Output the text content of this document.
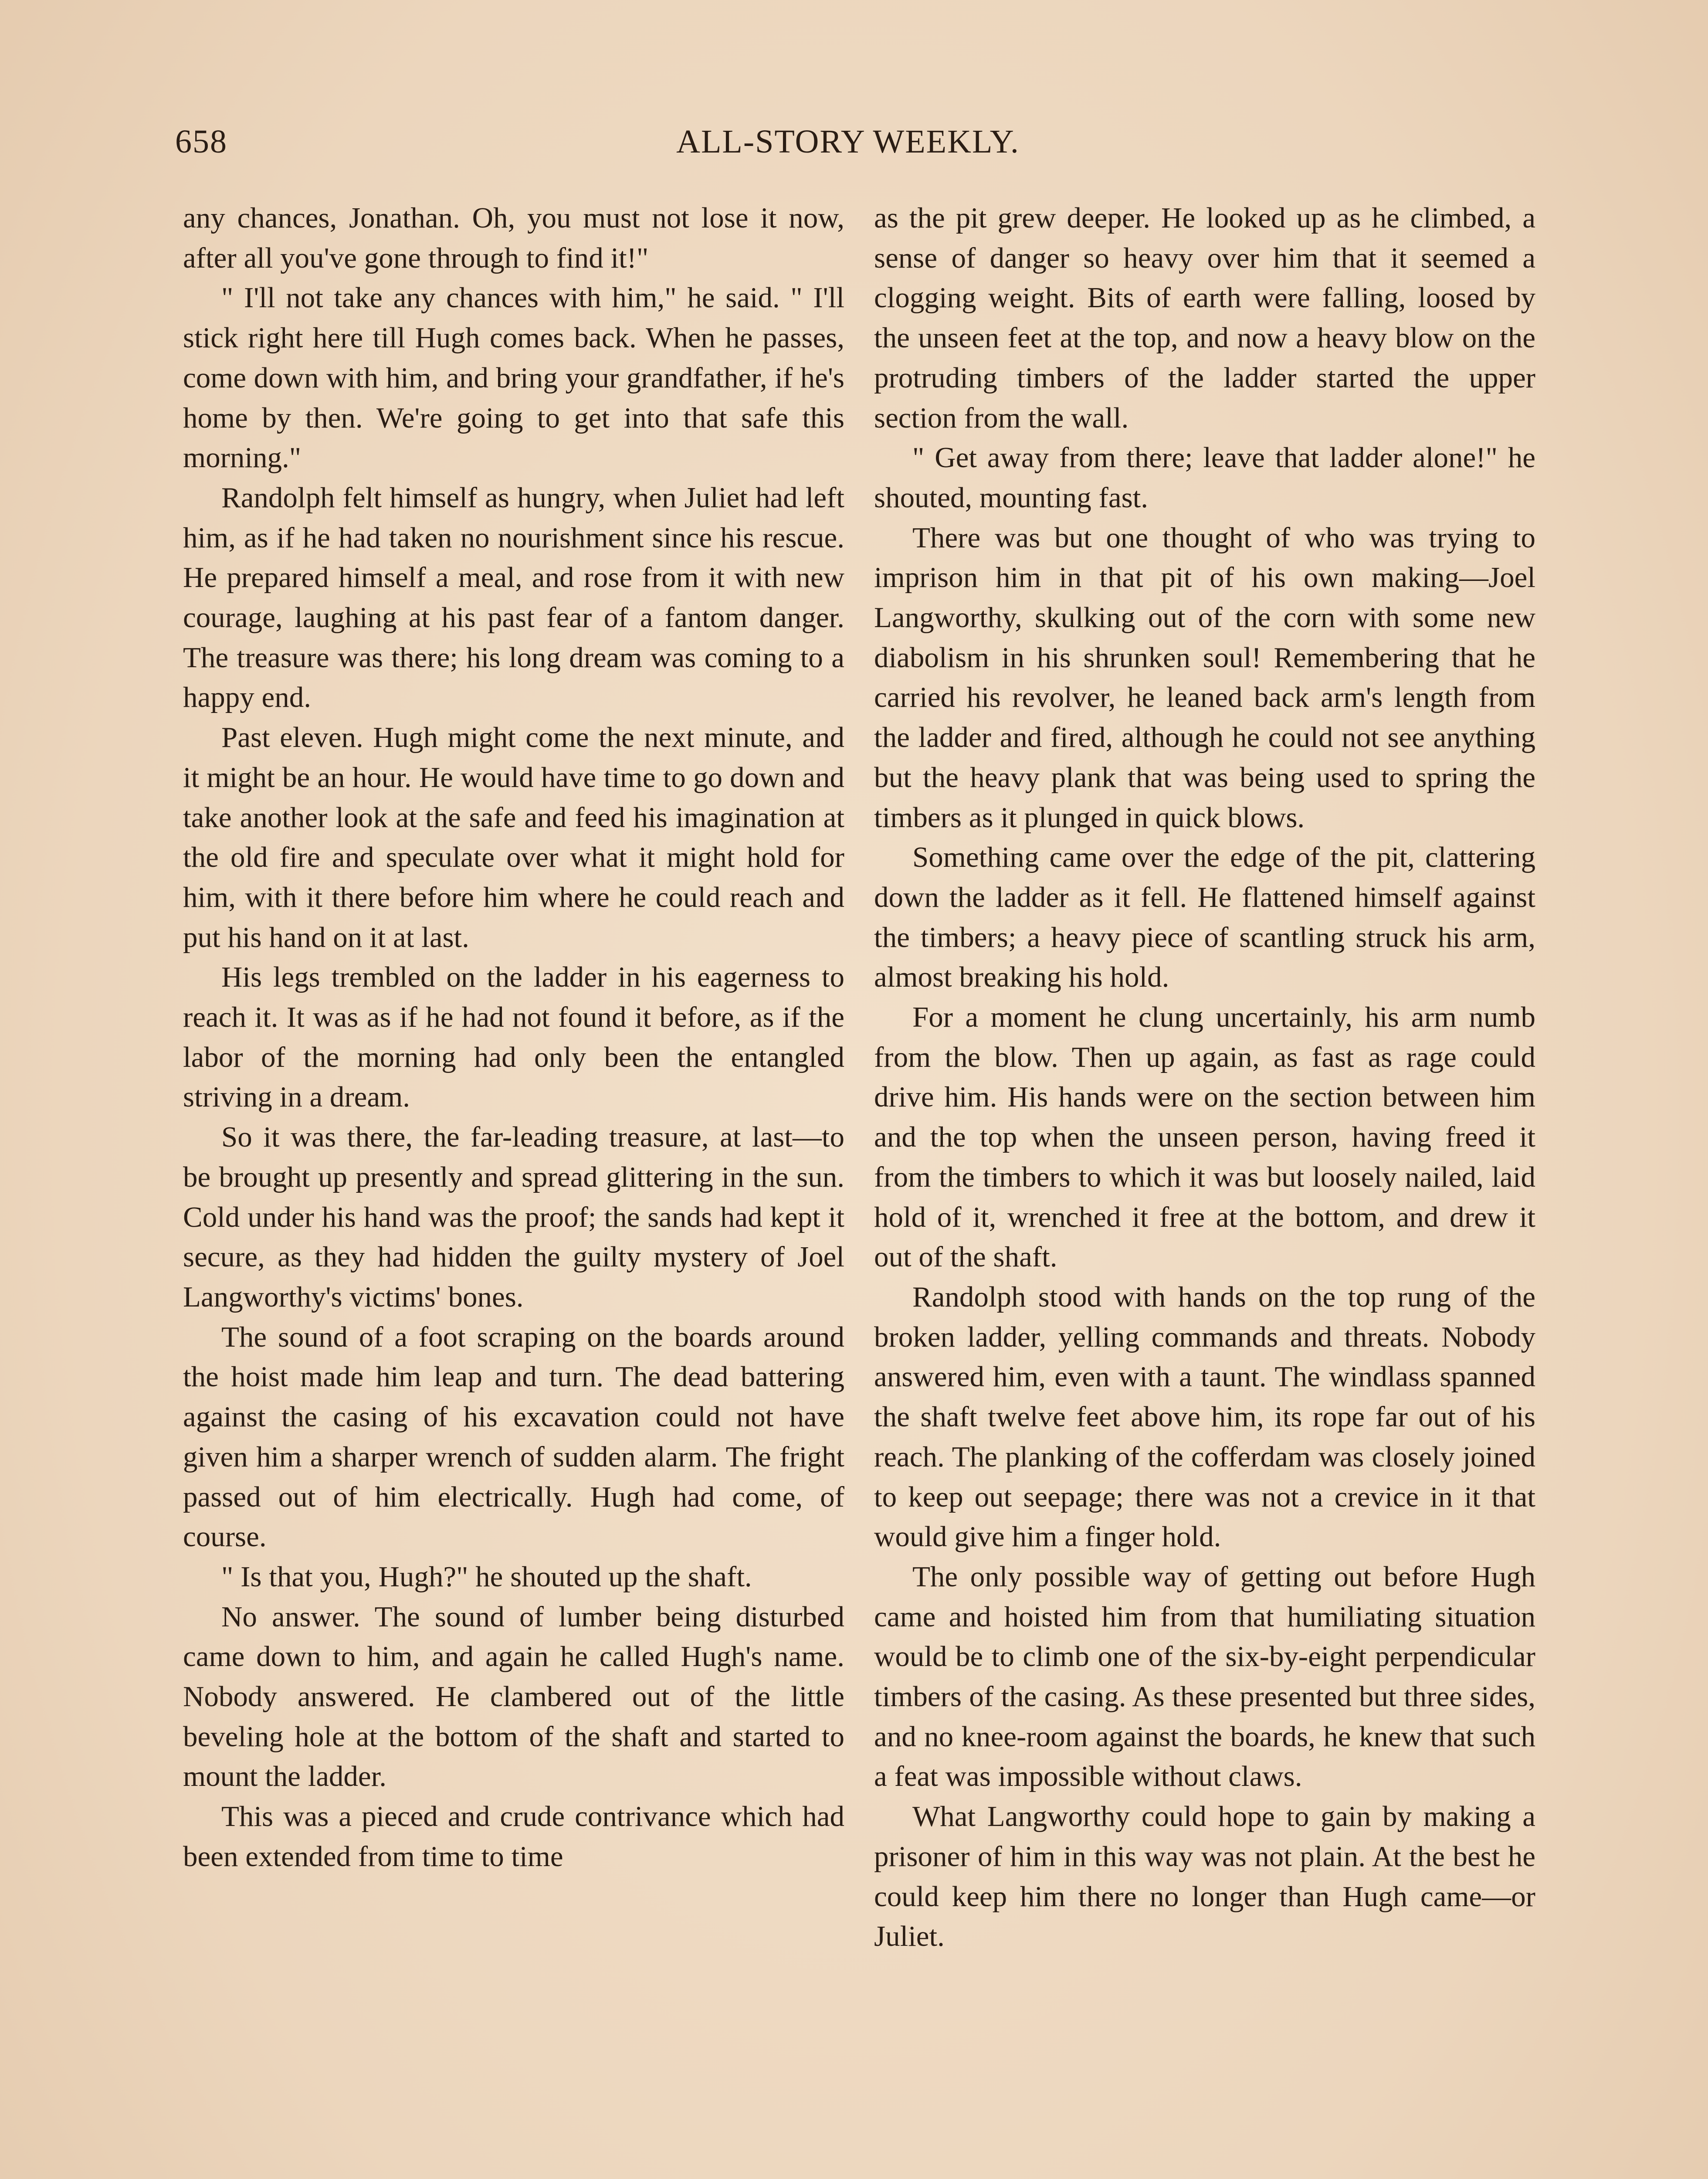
658	ALL-STORY WEEKLY.

any chances, Jonathan. Oh, you must not lose it now, after all you've gone through to find it!"

" I'll not take any chances with him," he said. " I'll stick right here till Hugh comes back. When he passes, come down with him, and bring your grandfather, if he's home by then. We're going to get into that safe this morning."

Randolph felt himself as hungry, when Juliet had left him, as if he had taken no nourishment since his rescue. He prepared himself a meal, and rose from it with new courage, laughing at his past fear of a fantom danger. The treasure was there; his long dream was coming to a happy end.

Past eleven. Hugh might come the next minute, and it might be an hour. He would have time to go down and take another look at the safe and feed his imagination at the old fire and speculate over what it might hold for him, with it there before him where he could reach and put his hand on it at last.

His legs trembled on the ladder in his eagerness to reach it. It was as if he had not found it before, as if the labor of the morning had only been the entangled striving in a dream.

So it was there, the far-leading treasure, at last—to be brought up presently and spread glittering in the sun. Cold under his hand was the proof; the sands had kept it secure, as they had hidden the guilty mystery of Joel Langworthy's victims' bones.

The sound of a foot scraping on the boards around the hoist made him leap and turn. The dead battering against the casing of his excavation could not have given him a sharper wrench of sudden alarm. The fright passed out of him electrically. Hugh had come, of course.

" Is that you, Hugh?" he shouted up the shaft.

No answer. The sound of lumber being disturbed came down to him, and again he called Hugh's name. Nobody answered. He clambered out of the little beveling hole at the bottom of the shaft and started to mount the ladder.

This was a pieced and crude contrivance which had been extended from time to time

as the pit grew deeper. He looked up as he climbed, a sense of danger so heavy over him that it seemed a clogging weight. Bits of earth were falling, loosed by the unseen feet at the top, and now a heavy blow on the protruding timbers of the ladder started the upper section from the wall.

" Get away from there; leave that ladder alone!" he shouted, mounting fast.

There was but one thought of who was trying to imprison him in that pit of his own making—Joel Langworthy, skulking out of the corn with some new diabolism in his shrunken soul! Remembering that he carried his revolver, he leaned back arm's length from the ladder and fired, although he could not see anything but the heavy plank that was being used to spring the timbers as it plunged in quick blows.

Something came over the edge of the pit, clattering down the ladder as it fell. He flattened himself against the timbers; a heavy piece of scantling struck his arm, almost breaking his hold.

For a moment he clung uncertainly, his arm numb from the blow. Then up again, as fast as rage could drive him. His hands were on the section between him and the top when the unseen person, having freed it from the timbers to which it was but loosely nailed, laid hold of it, wrenched it free at the bottom, and drew it out of the shaft.

Randolph stood with hands on the top rung of the broken ladder, yelling commands and threats. Nobody answered him, even with a taunt. The windlass spanned the shaft twelve feet above him, its rope far out of his reach. The planking of the cofferdam was closely joined to keep out seepage; there was not a crevice in it that would give him a finger hold.

The only possible way of getting out before Hugh came and hoisted him from that humiliating situation would be to climb one of the six-by-eight perpendicular timbers of the casing. As these presented but three sides, and no knee-room against the boards, he knew that such a feat was impossible without claws.

What Langworthy could hope to gain by making a prisoner of him in this way was not plain. At the best he could keep him there no longer than Hugh came—or Juliet.
